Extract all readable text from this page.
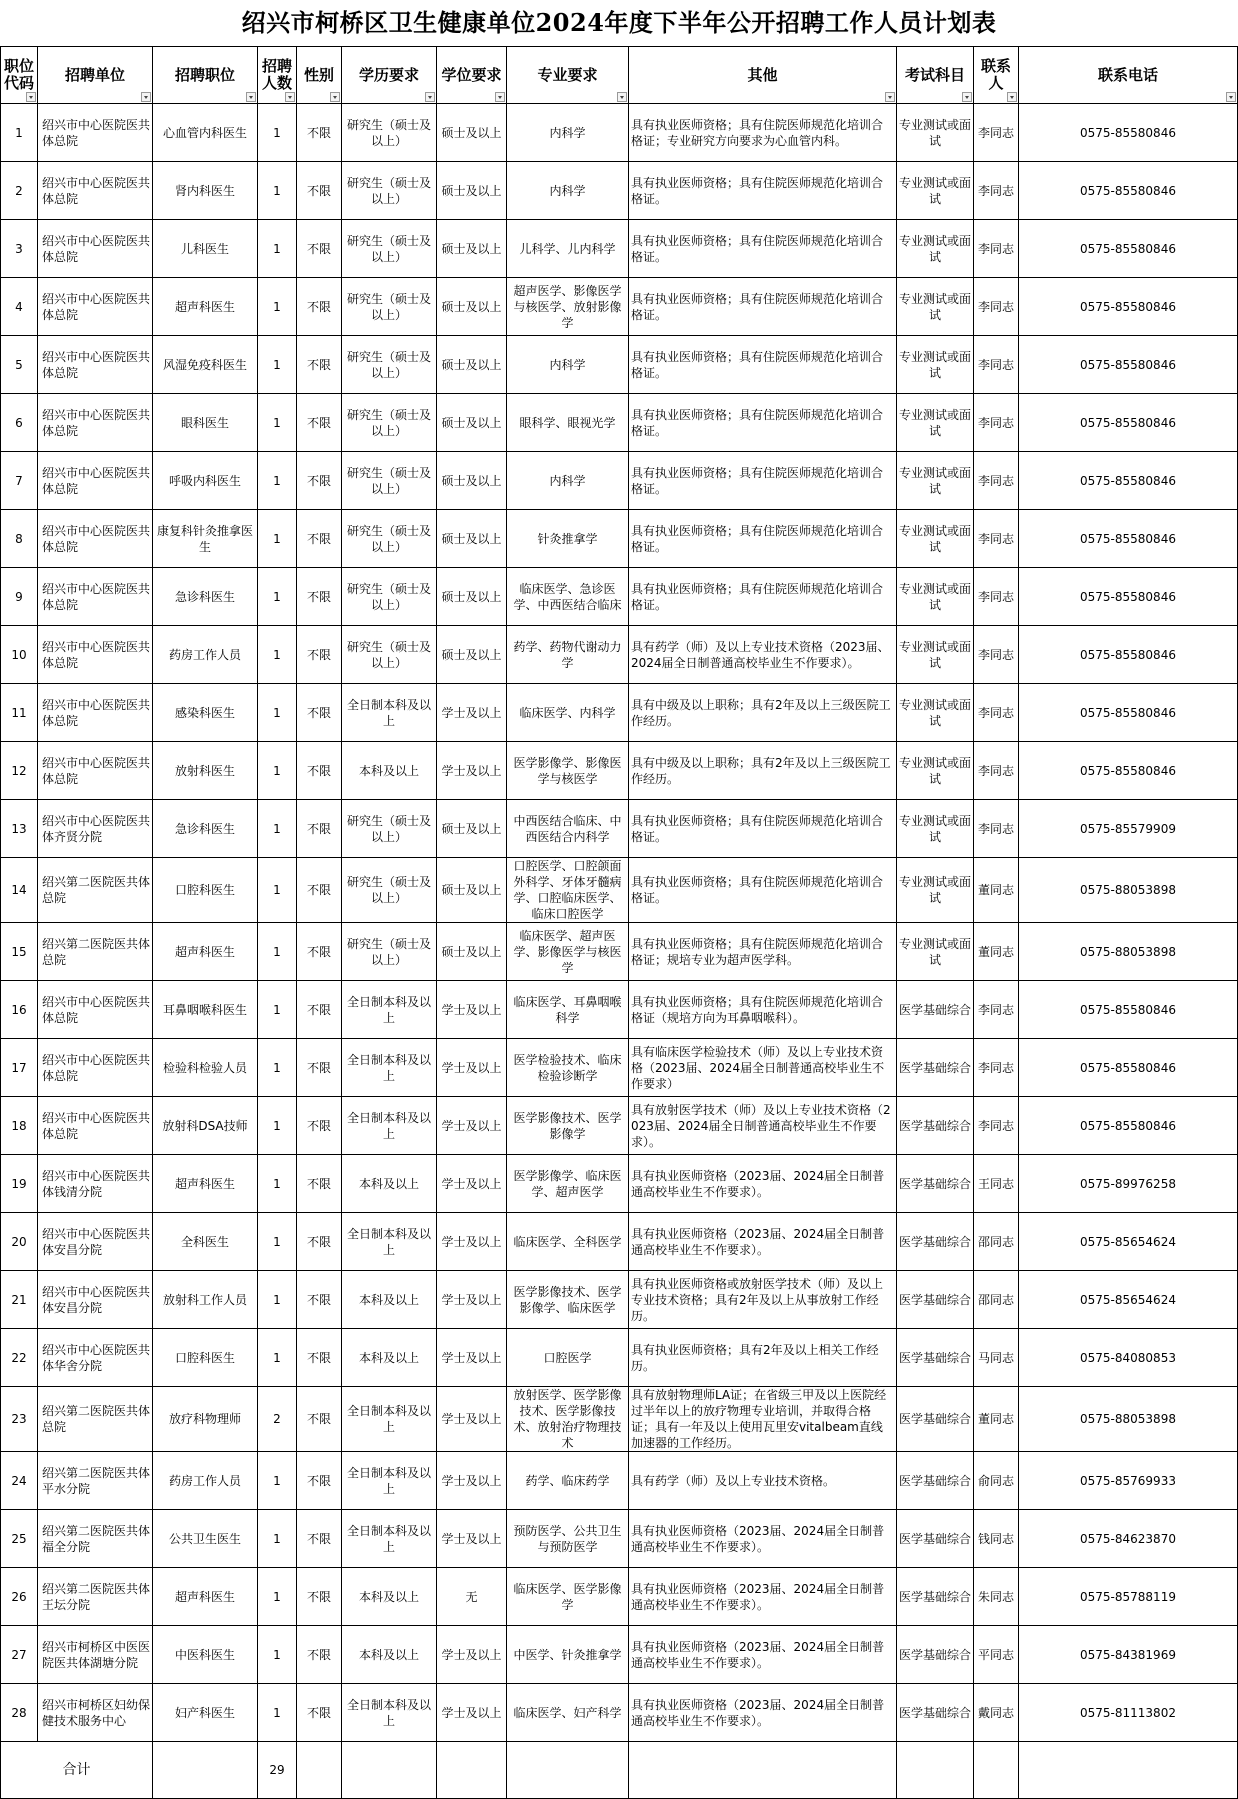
绍兴市柯桥区卫生健康单位2024年度下半年公开招聘工作人员计划表
职位代码	招聘单位	招聘职位	招聘人数	性别	学历要求	学位要求	专业要求	其他	考试科目	联系人	联系电话

1	绍兴市中心医院医共体总院	心血管内科医生	1	不限	研究生（硕士及以上）	硕士及以上	内科学	具有执业医师资格；具有住院医师规范化培训合格证；专业研究方向要求为心血管内科。	专业测试或面试	李同志	0575-85580846
2	绍兴市中心医院医共体总院	肾内科医生	1	不限	研究生（硕士及以上）	硕士及以上	内科学	具有执业医师资格；具有住院医师规范化培训合格证。	专业测试或面试	李同志	0575-85580846
3	绍兴市中心医院医共体总院	儿科医生	1	不限	研究生（硕士及以上）	硕士及以上	儿科学、儿内科学	具有执业医师资格；具有住院医师规范化培训合格证。	专业测试或面试	李同志	0575-85580846
4	绍兴市中心医院医共体总院	超声科医生	1	不限	研究生（硕士及以上）	硕士及以上	超声医学、影像医学与核医学、放射影像学	具有执业医师资格；具有住院医师规范化培训合格证。	专业测试或面试	李同志	0575-85580846
5	绍兴市中心医院医共体总院	风湿免疫科医生	1	不限	研究生（硕士及以上）	硕士及以上	内科学	具有执业医师资格；具有住院医师规范化培训合格证。	专业测试或面试	李同志	0575-85580846
6	绍兴市中心医院医共体总院	眼科医生	1	不限	研究生（硕士及以上）	硕士及以上	眼科学、眼视光学	具有执业医师资格；具有住院医师规范化培训合格证。	专业测试或面试	李同志	0575-85580846
7	绍兴市中心医院医共体总院	呼吸内科医生	1	不限	研究生（硕士及以上）	硕士及以上	内科学	具有执业医师资格；具有住院医师规范化培训合格证。	专业测试或面试	李同志	0575-85580846
8	绍兴市中心医院医共体总院	康复科针灸推拿医生	1	不限	研究生（硕士及以上）	硕士及以上	针灸推拿学	具有执业医师资格；具有住院医师规范化培训合格证。	专业测试或面试	李同志	0575-85580846
9	绍兴市中心医院医共体总院	急诊科医生	1	不限	研究生（硕士及以上）	硕士及以上	临床医学、急诊医学、中西医结合临床	具有执业医师资格；具有住院医师规范化培训合格证。	专业测试或面试	李同志	0575-85580846
10	绍兴市中心医院医共体总院	药房工作人员	1	不限	研究生（硕士及以上）	硕士及以上	药学、药物代谢动力学	具有药学（师）及以上专业技术资格（2023届、2024届全日制普通高校毕业生不作要求）。	专业测试或面试	李同志	0575-85580846
11	绍兴市中心医院医共体总院	感染科医生	1	不限	全日制本科及以上	学士及以上	临床医学、内科学	具有中级及以上职称；具有2年及以上三级医院工作经历。	专业测试或面试	李同志	0575-85580846
12	绍兴市中心医院医共体总院	放射科医生	1	不限	本科及以上	学士及以上	医学影像学、影像医学与核医学	具有中级及以上职称；具有2年及以上三级医院工作经历。	专业测试或面试	李同志	0575-85580846
13	绍兴市中心医院医共体齐贤分院	急诊科医生	1	不限	研究生（硕士及以上）	硕士及以上	中西医结合临床、中西医结合内科学	具有执业医师资格；具有住院医师规范化培训合格证。	专业测试或面试	李同志	0575-85579909
14	绍兴第二医院医共体总院	口腔科医生	1	不限	研究生（硕士及以上）	硕士及以上	口腔医学、口腔颌面外科学、牙体牙髓病学、口腔临床医学、临床口腔医学	具有执业医师资格；具有住院医师规范化培训合格证。	专业测试或面试	董同志	0575-88053898
15	绍兴第二医院医共体总院	超声科医生	1	不限	研究生（硕士及以上）	硕士及以上	临床医学、超声医学、影像医学与核医学	具有执业医师资格；具有住院医师规范化培训合格证；规培专业为超声医学科。	专业测试或面试	董同志	0575-88053898
16	绍兴市中心医院医共体总院	耳鼻咽喉科医生	1	不限	全日制本科及以上	学士及以上	临床医学、耳鼻咽喉科学	具有执业医师资格；具有住院医师规范化培训合格证（规培方向为耳鼻咽喉科）。	医学基础综合	李同志	0575-85580846
17	绍兴市中心医院医共体总院	检验科检验人员	1	不限	全日制本科及以上	学士及以上	医学检验技术、临床检验诊断学	具有临床医学检验技术（师）及以上专业技术资格（2023届、2024届全日制普通高校毕业生不作要求）	医学基础综合	李同志	0575-85580846
18	绍兴市中心医院医共体总院	放射科DSA技师	1	不限	全日制本科及以上	学士及以上	医学影像技术、医学影像学	具有放射医学技术（师）及以上专业技术资格（2023届、2024届全日制普通高校毕业生不作要求）。	医学基础综合	李同志	0575-85580846
19	绍兴市中心医院医共体钱清分院	超声科医生	1	不限	本科及以上	学士及以上	医学影像学、临床医学、超声医学	具有执业医师资格（2023届、2024届全日制普通高校毕业生不作要求）。	医学基础综合	王同志	0575-89976258
20	绍兴市中心医院医共体安昌分院	全科医生	1	不限	全日制本科及以上	学士及以上	临床医学、全科医学	具有执业医师资格（2023届、2024届全日制普通高校毕业生不作要求）。	医学基础综合	邵同志	0575-85654624
21	绍兴市中心医院医共体安昌分院	放射科工作人员	1	不限	本科及以上	学士及以上	医学影像技术、医学影像学、临床医学	具有执业医师资格或放射医学技术（师）及以上专业技术资格；具有2年及以上从事放射工作经历。	医学基础综合	邵同志	0575-85654624
22	绍兴市中心医院医共体华舍分院	口腔科医生	1	不限	本科及以上	学士及以上	口腔医学	具有执业医师资格；具有2年及以上相关工作经历。	医学基础综合	马同志	0575-84080853
23	绍兴第二医院医共体总院	放疗科物理师	2	不限	全日制本科及以上	学士及以上	放射医学、医学影像技术、医学影像技术、放射治疗物理技术	具有放射物理师LA证；在省级三甲及以上医院经过半年以上的放疗物理专业培训，并取得合格证；具有一年及以上使用瓦里安vitalbeam直线加速器的工作经历。	医学基础综合	董同志	0575-88053898
24	绍兴第二医院医共体平水分院	药房工作人员	1	不限	全日制本科及以上	学士及以上	药学、临床药学	具有药学（师）及以上专业技术资格。	医学基础综合	俞同志	0575-85769933
25	绍兴第二医院医共体福全分院	公共卫生医生	1	不限	全日制本科及以上	学士及以上	预防医学、公共卫生与预防医学	具有执业医师资格（2023届、2024届全日制普通高校毕业生不作要求）。	医学基础综合	钱同志	0575-84623870
26	绍兴第二医院医共体王坛分院	超声科医生	1	不限	本科及以上	无	临床医学、医学影像学	具有执业医师资格（2023届、2024届全日制普通高校毕业生不作要求）。	医学基础综合	朱同志	0575-85788119
27	绍兴市柯桥区中医医院医共体湖塘分院	中医科医生	1	不限	本科及以上	学士及以上	中医学、针灸推拿学	具有执业医师资格（2023届、2024届全日制普通高校毕业生不作要求）。	医学基础综合	平同志	0575-84381969
28	绍兴市柯桥区妇幼保健技术服务中心	妇产科医生	1	不限	全日制本科及以上	学士及以上	临床医学、妇产科学	具有执业医师资格（2023届、2024届全日制普通高校毕业生不作要求）。	医学基础综合	戴同志	0575-81113802
合计			29								
